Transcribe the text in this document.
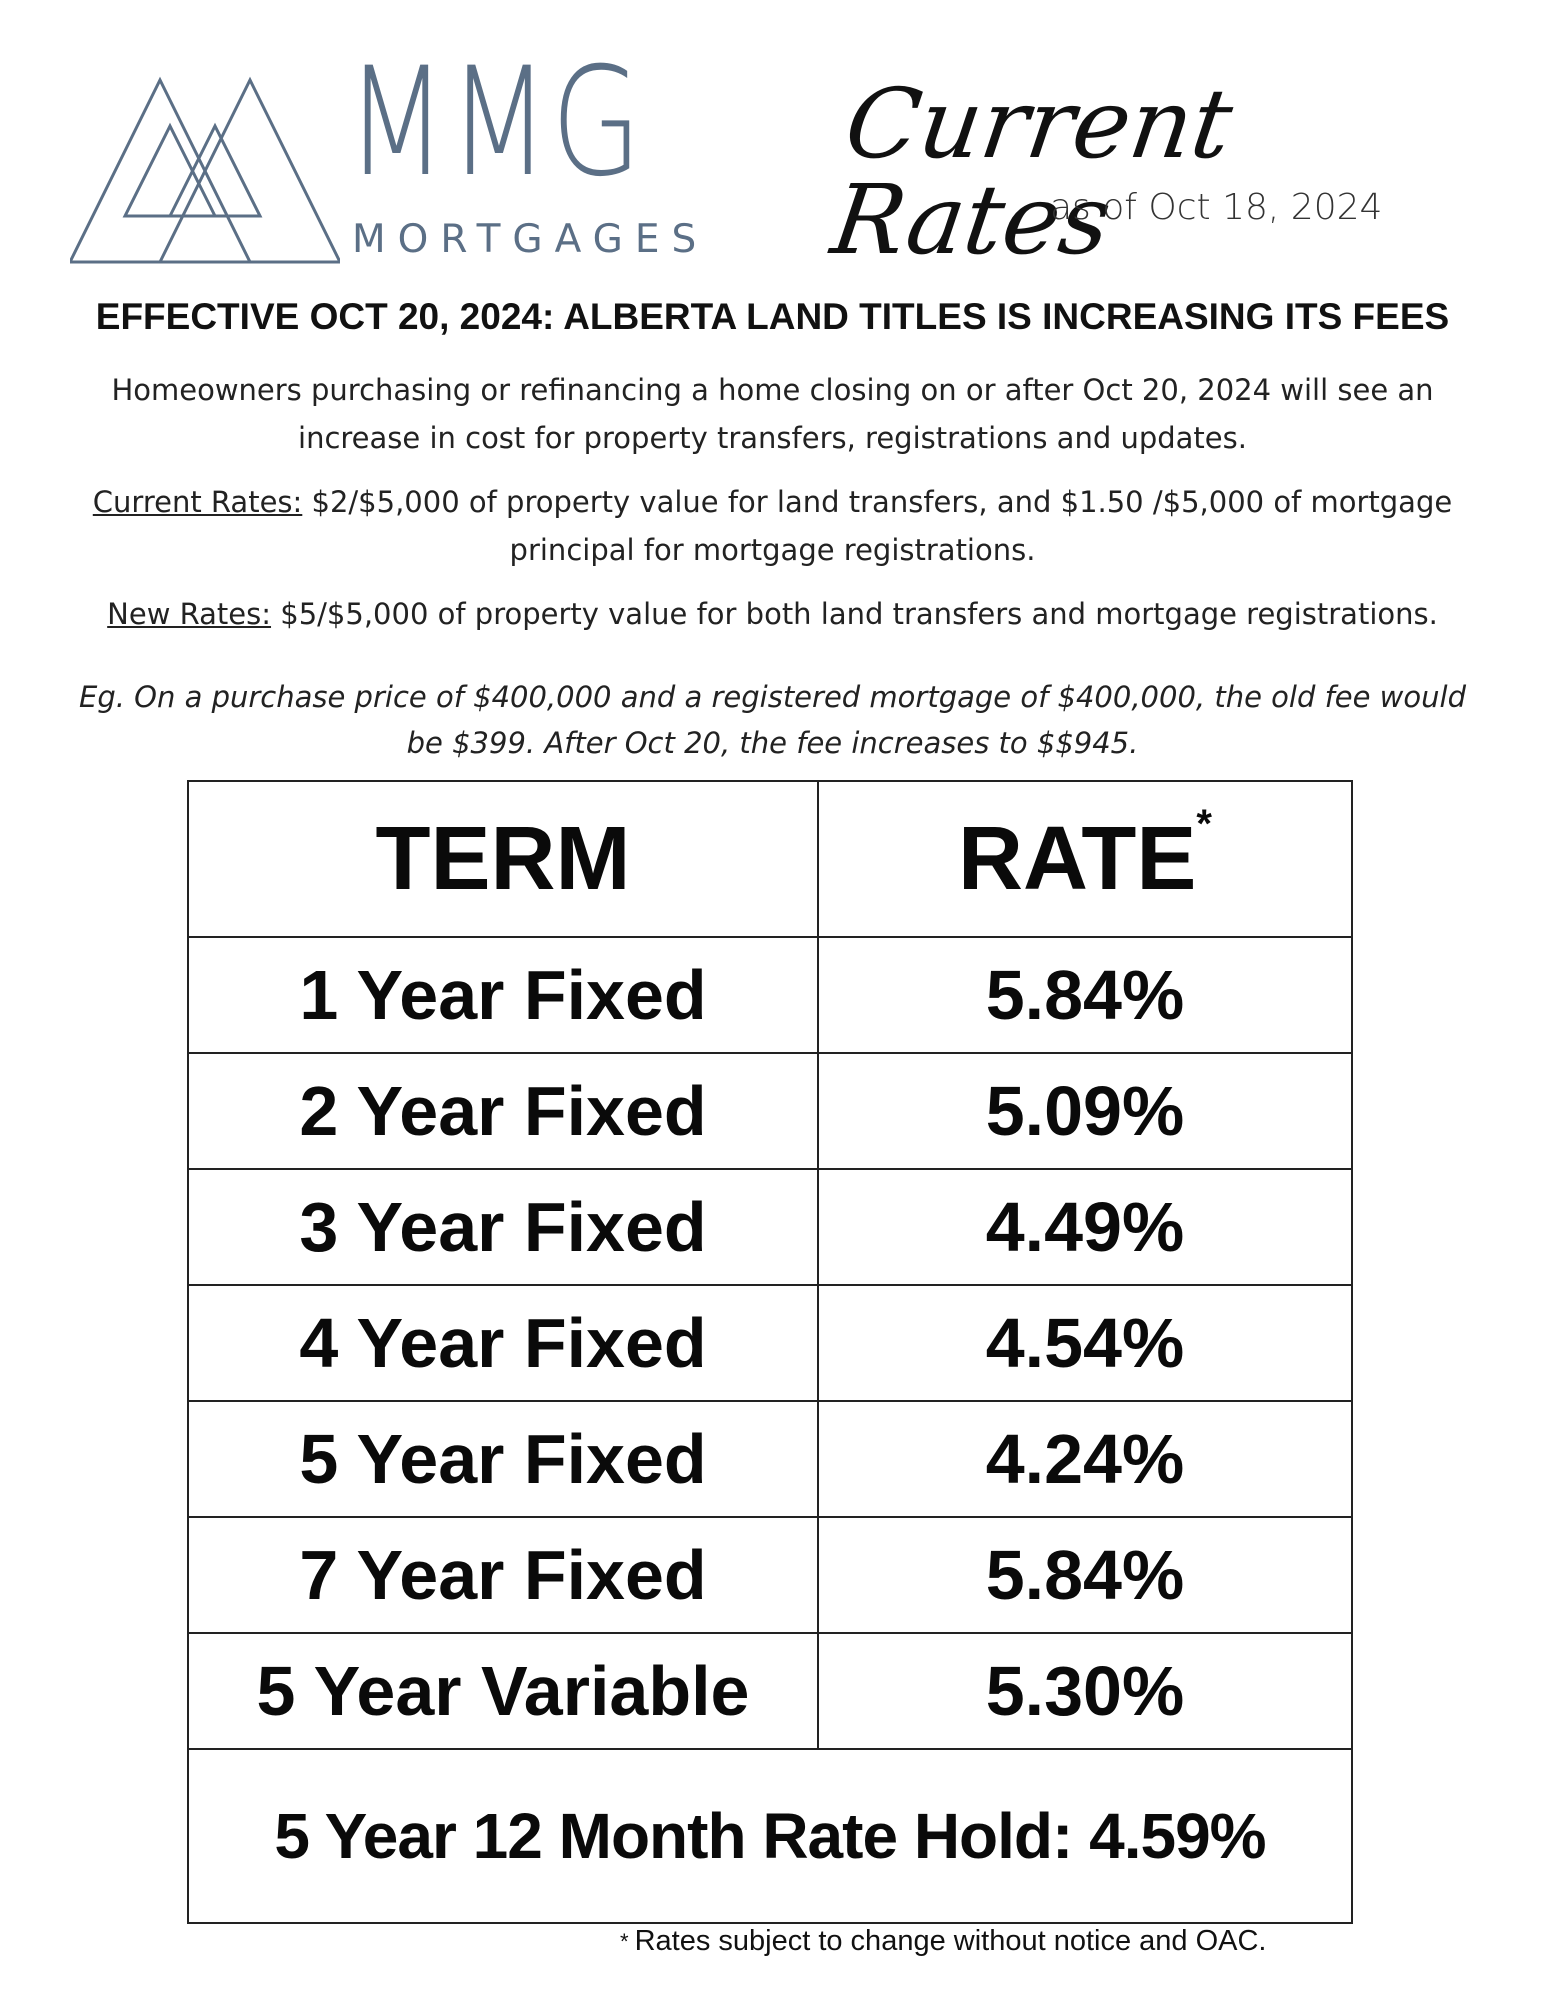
MMG
MORTGAGES
Current Rates
as of Oct 18, 2024
EFFECTIVE OCT 20, 2024: ALBERTA LAND TITLES IS INCREASING ITS FEES
Homeowners purchasing or refinancing a home closing on or after Oct 20, 2024 will see an increase in cost for property transfers, registrations and updates.
Current Rates: $2/$5,000 of property value for land transfers, and $1.50 /$5,000 of mortgage principal for mortgage registrations.
New Rates: $5/$5,000 of property value for both land transfers and mortgage registrations.
Eg. On a purchase price of $400,000 and a registered mortgage of $400,000, the old fee would be $399. After Oct 20, the fee increases to $$945.
TERM	RATE*
1 Year Fixed	5.84%
2 Year Fixed	5.09%
3 Year Fixed	4.49%
4 Year Fixed	4.54%
5 Year Fixed	4.24%
7 Year Fixed	5.84%
5 Year Variable	5.30%
5 Year 12 Month Rate Hold: 4.59%	
* Rates subject to change without notice and OAC.
